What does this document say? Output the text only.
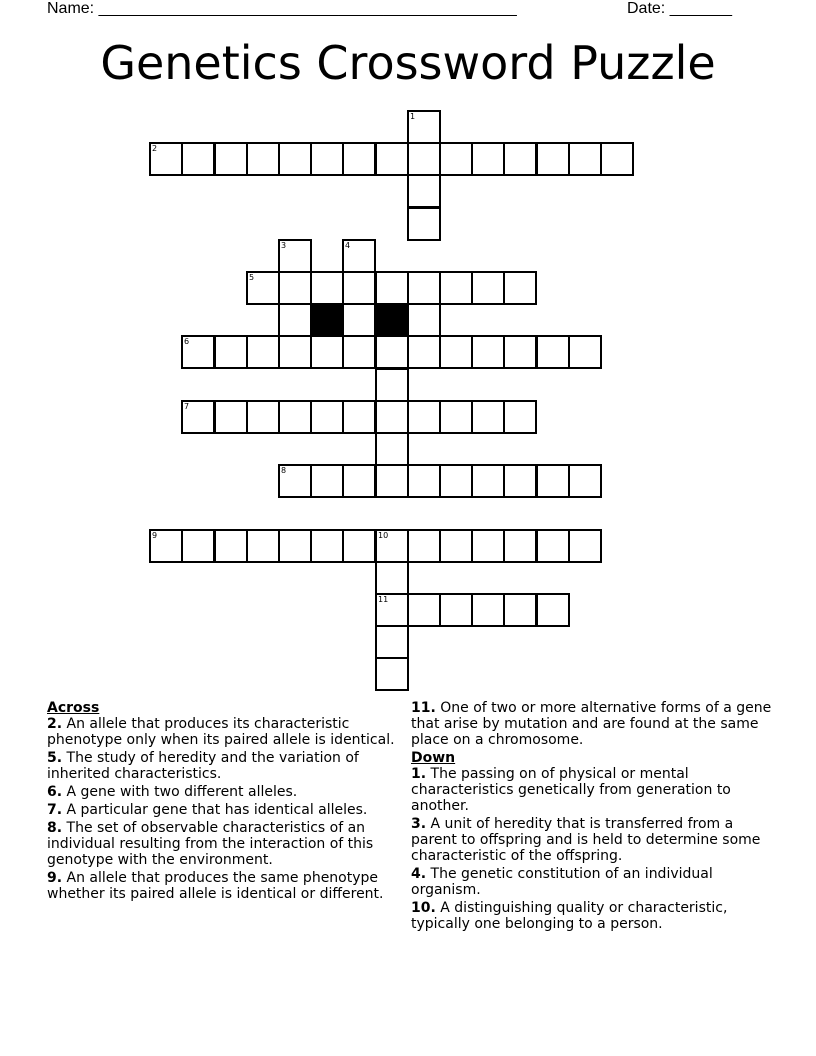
Name: _______________________________________________	Date: _______
Genetics Crossword Puzzle
1
2
3	4
5
6
7
8
9	10
11

Across

2. An allele that produces its characteristic phenotype only when its paired allele is identical.

5. The study of heredity and the variation of inherited characteristics.

6. A gene with two different alleles.

7. A particular gene that has identical alleles.

8. The set of observable characteristics of an individual resulting from the interaction of this genotype with the environment.

9. An allele that produces the same phenotype whether its paired allele is identical or different.

11. One of two or more alternative forms of a gene that arise by mutation and are found at the same place on a chromosome.

Down

1. The passing on of physical or mental characteristics genetically from generation to another.

3. A unit of heredity that is transferred from a parent to offspring and is held to determine some characteristic of the offspring.

4. The genetic constitution of an individual organism.

10. A distinguishing quality or characteristic, typically one belonging to a person.
